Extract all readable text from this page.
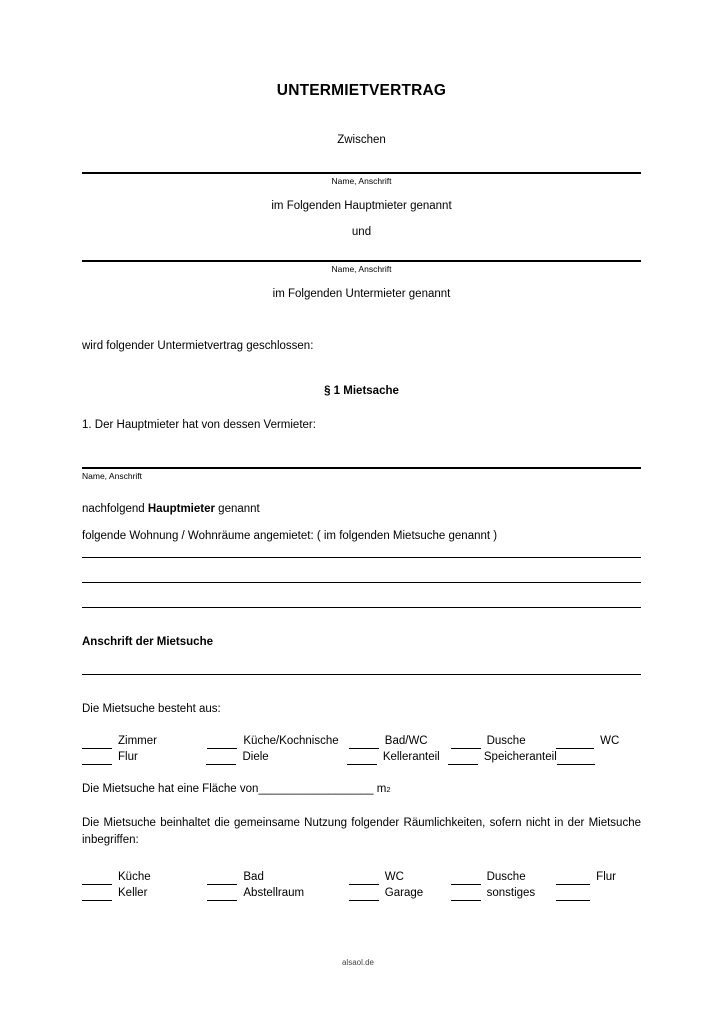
UNTERMIETVERTRAG

Zwischen

Name, Anschrift

im Folgenden Hauptmieter genannt

und

Name, Anschrift

im Folgenden Untermieter genannt

wird folgender Untermietvertrag geschlossen:

§ 1 Mietsache

1. Der Hauptmieter hat von dessen Vermieter:

Name, Anschrift

nachfolgend Hauptmieter genannt

folgende Wohnung / Wohnräume angemietet: ( im folgenden Mietsuche genannt )

Anschrift der Mietsuche

Die Mietsuche besteht aus:

Zimmer	Küche/Kochnische	Bad/WC	Dusche	WC
Flur	Diele	Kelleranteil	Speicheranteil
Die Mietsuche hat eine Fläche von __________________
m 2

Die Mietsuche beinhaltet die gemeinsame Nutzung folgender Räumlichkeiten, sofern nicht in der Mietsuche inbegriffen:

Küche	Bad	WC	Dusche	Flur
Keller	Abstellraum	Garage	sonstiges
alsaol.de
